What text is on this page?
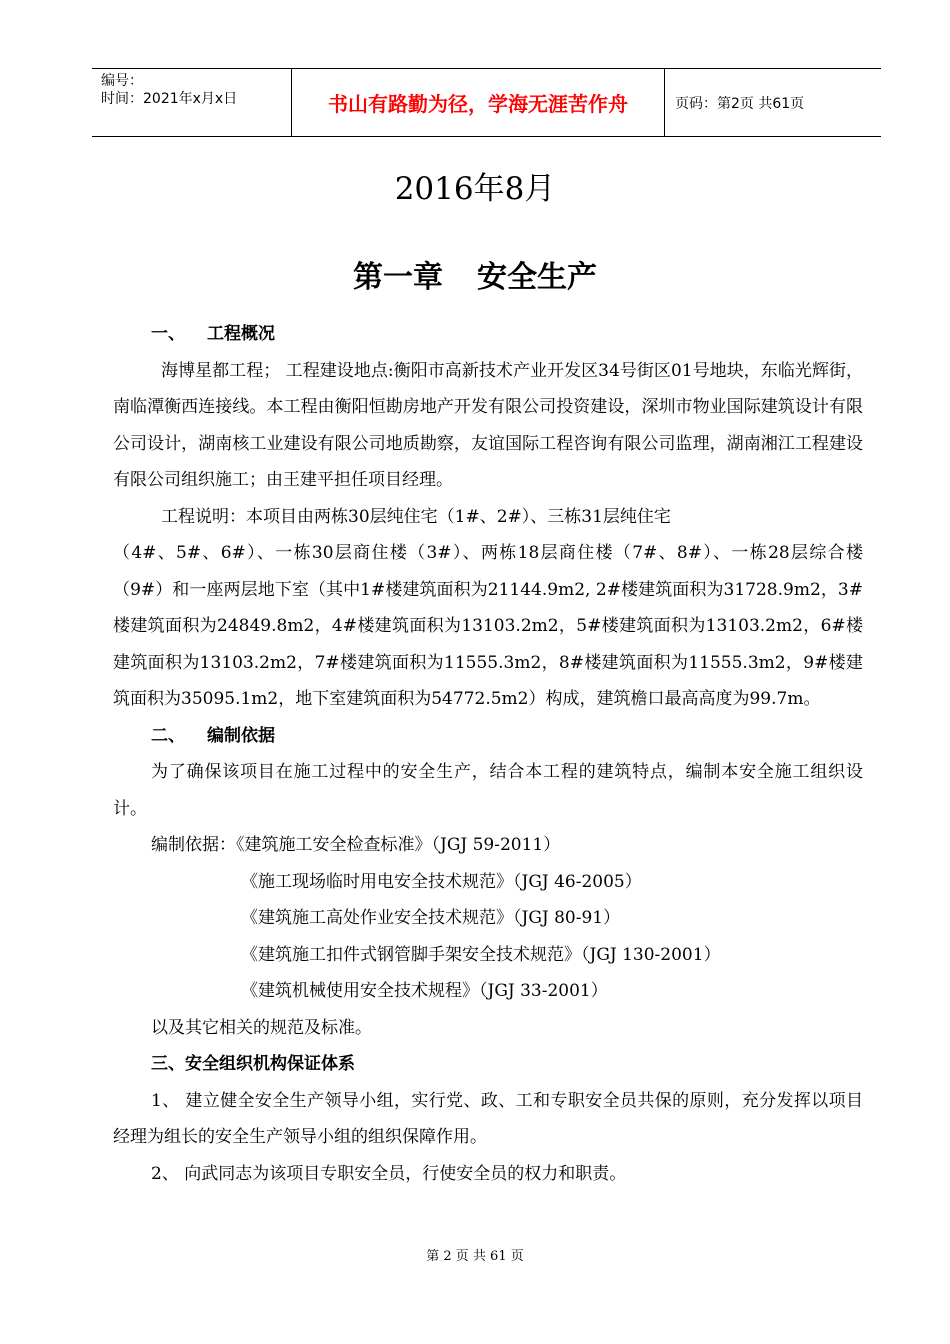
编号：
时间：2021年x月x日	书山有路勤为径，学海无涯苦作舟	页码：第2页 共61页
2016年8月
第一章 安全生产

一、 工程概况

海博星都工程； 工程建设地点:衡阳市高新技术产业开发区34号街区01号地块，东临光辉街，南临潭衡西连接线。本工程由衡阳恒勘房地产开发有限公司投资建设，深圳市物业国际建筑设计有限公司设计，湖南核工业建设有限公司地质勘察，友谊国际工程咨询有限公司监理，湖南湘江工程建设有限公司组织施工；由王建平担任项目经理。

工程说明：本项目由两栋30层纯住宅（1#、2#）、三栋31层纯住宅

（4#、5#、6#）、一栋30层商住楼（3#）、两栋18层商住楼（7#、8#）、一栋28层综合楼（9#）和一座两层地下室（其中1#楼建筑面积为21144.9m2, 2#楼建筑面积为31728.9m2，3#楼建筑面积为24849.8m2，4#楼建筑面积为13103.2m2，5#楼建筑面积为13103.2m2，6#楼建筑面积为13103.2m2，7#楼建筑面积为11555.3m2，8#楼建筑面积为11555.3m2，9#楼建筑面积为35095.1m2，地下室建筑面积为54772.5m2）构成，建筑檐口最高高度为99.7m。

二、 编制依据

为了确保该项目在施工过程中的安全生产，结合本工程的建筑特点，编制本安全施工组织设计。

编制依据：《建筑施工安全检查标准》（JGJ 59-2011）

《施工现场临时用电安全技术规范》（JGJ 46-2005）

《建筑施工高处作业安全技术规范》（JGJ 80-91）

《建筑施工扣件式钢管脚手架安全技术规范》（JGJ 130-2001）

《建筑机械使用安全技术规程》（JGJ 33-2001）

以及其它相关的规范及标准。

三、安全组织机构保证体系

1、 建立健全安全生产领导小组，实行党、政、工和专职安全员共保的原则，充分发挥以项目经理为组长的安全生产领导小组的组织保障作用。

2、 向武同志为该项目专职安全员，行使安全员的权力和职责。

第 2 页 共 61 页
